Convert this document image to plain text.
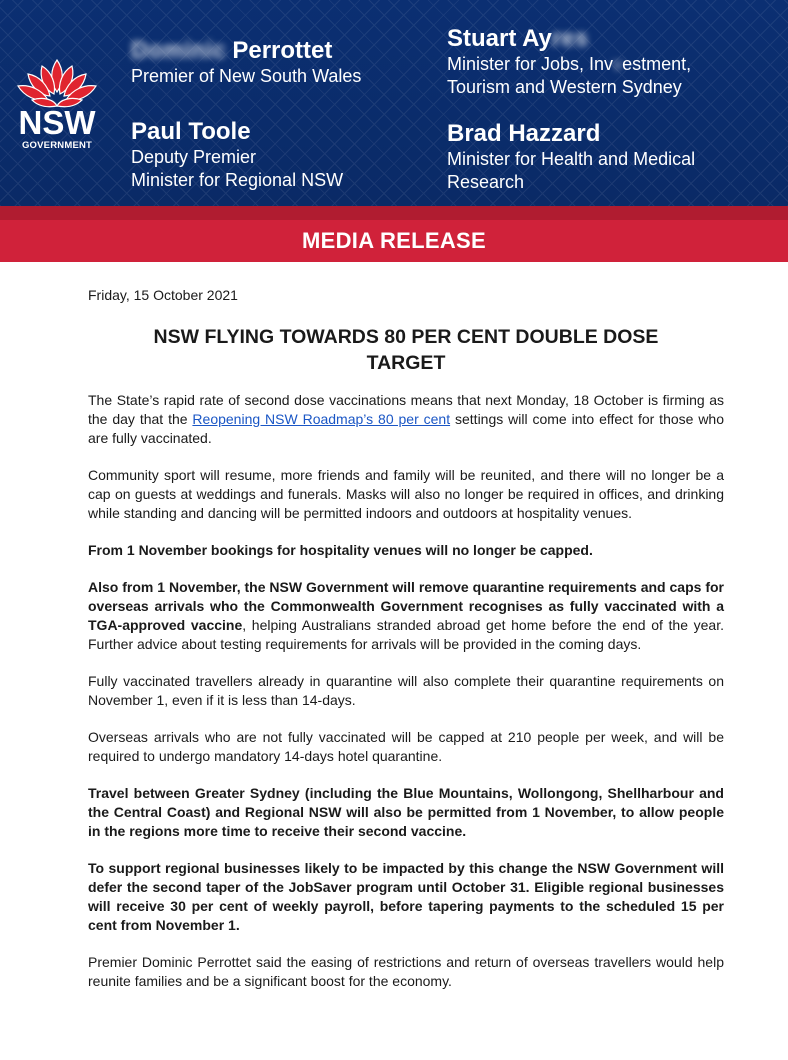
NSW
GOVERNMENT
Dominic Perrottet
Premier of New South Wales
Stuart Ayres
Minister for Jobs, Invvestment,
Tourism and Western Sydney
Paul Toole
Deputy Premier
Minister for Regional NSW
Brad Hazzard
Minister for Health and Medical
Research
MEDIA RELEASE
Friday, 15 October 2021
NSW FLYING TOWARDS 80 PER CENT DOUBLE DOSE
TARGET

The State’s rapid rate of second dose vaccinations means that next Monday, 18 October is firming as the day that the Reopening NSW Roadmap’s 80 per cent settings will come into effect for those who are fully vaccinated.

Community sport will resume, more friends and family will be reunited, and there will no longer be a cap on guests at weddings and funerals. Masks will also no longer be required in offices, and drinking while standing and dancing will be permitted indoors and outdoors at hospitality venues.

From 1 November bookings for hospitality venues will no longer be capped.

Also from 1 November, the NSW Government will remove quarantine requirements and caps for overseas arrivals who the Commonwealth Government recognises as fully vaccinated with a TGA-approved vaccine, helping Australians stranded abroad get home before the end of the year. Further advice about testing requirements for arrivals will be provided in the coming days.

Fully vaccinated travellers already in quarantine will also complete their quarantine requirements on November 1, even if it is less than 14-days.

Overseas arrivals who are not fully vaccinated will be capped at 210 people per week, and will be required to undergo mandatory 14-days hotel quarantine.

Travel between Greater Sydney (including the Blue Mountains, Wollongong, Shellharbour and the Central Coast) and Regional NSW will also be permitted from 1 November, to allow people in the regions more time to receive their second vaccine.

To support regional businesses likely to be impacted by this change the NSW Government will defer the second taper of the JobSaver program until October 31. Eligible regional businesses will receive 30 per cent of weekly payroll, before tapering payments to the scheduled 15 per cent from November 1.

Premier Dominic Perrottet said the easing of restrictions and return of overseas travellers would help reunite families and be a significant boost for the economy.
